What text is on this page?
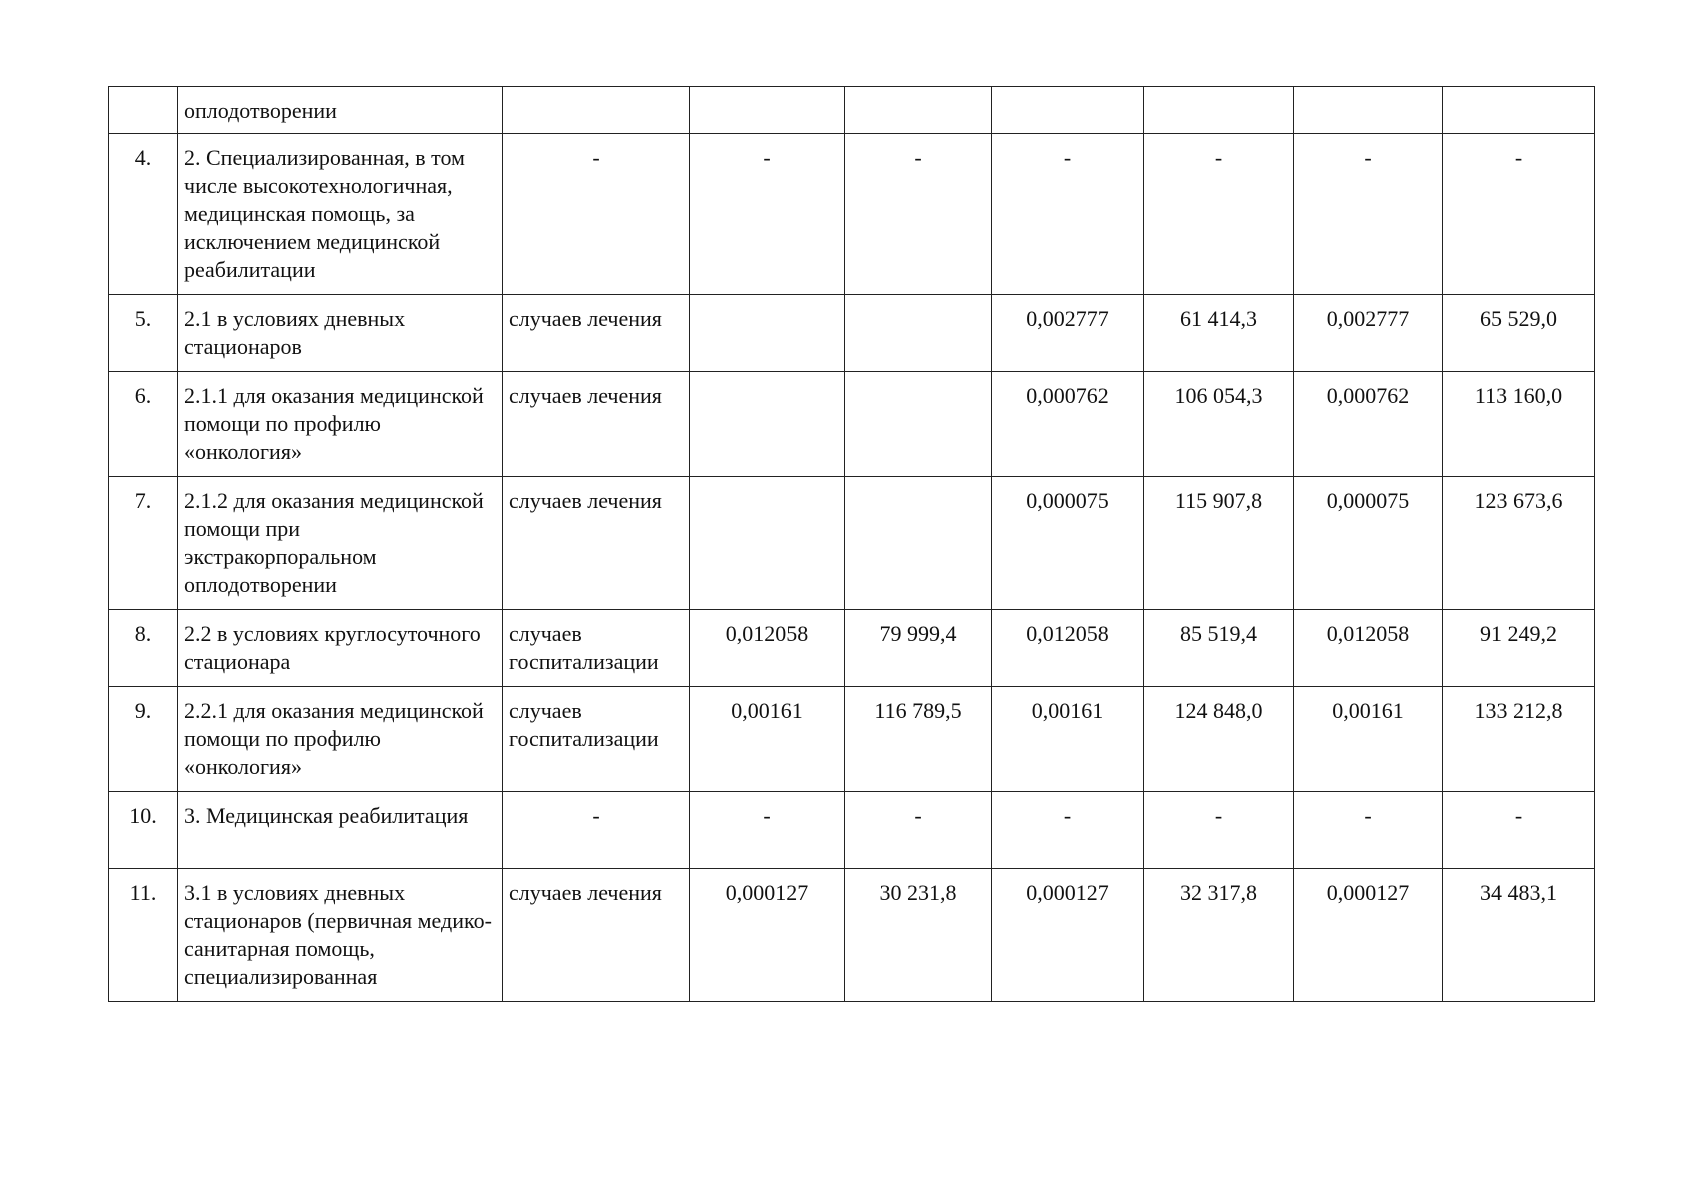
	оплодотворении							
4.	2. Специализированная, в том числе высокотехнологичная, медицинская помощь, за исключением медицинской реабилитации	-	-	-	-	-	-	-
5.	2.1 в условиях дневных стационаров	случаев лечения			0,002777	61 414,3	0,002777	65 529,0
6.	2.1.1 для оказания медицинской помощи по профилю «онкология»	случаев лечения			0,000762	106 054,3	0,000762	113 160,0
7.	2.1.2 для оказания медицинской помощи при экстракорпоральном оплодотворении	случаев лечения			0,000075	115 907,8	0,000075	123 673,6
8.	2.2 в условиях круглосуточного стационара	случаев госпитализации	0,012058	79 999,4	0,012058	85 519,4	0,012058	91 249,2
9.	2.2.1 для оказания медицинской помощи по профилю «онкология»	случаев госпитализации	0,00161	116 789,5	0,00161	124 848,0	0,00161	133 212,8
10.	3. Медицинская реабилитация	-	-	-	-	-	-	-
11.	3.1 в условиях дневных стационаров (первичная медико-санитарная помощь, специализированная	случаев лечения	0,000127	30 231,8	0,000127	32 317,8	0,000127	34 483,1
